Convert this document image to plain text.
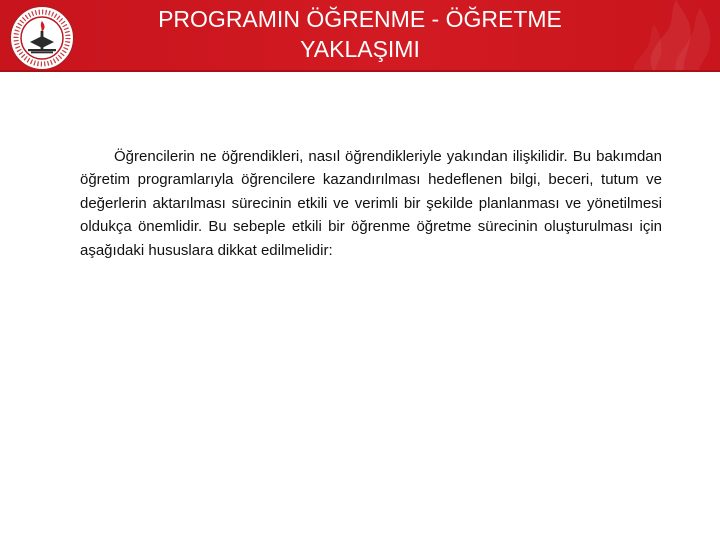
PROGRAMIN ÖĞRENME - ÖĞRETME
YAKLAŞIMI

Öğrencilerin ne öğrendikleri, nasıl öğrendikleriyle yakından ilişkilidir. Bu bakımdan öğretim programlarıyla öğrencilere kazandırılması hedeflenen bilgi, beceri, tutum ve değerlerin aktarılması sürecinin etkili ve verimli bir şekilde planlanması ve yönetilmesi oldukça önemlidir. Bu sebeple etkili bir öğrenme öğretme sürecinin oluşturulması için aşağıdaki hususlara dikkat edilmelidir:
